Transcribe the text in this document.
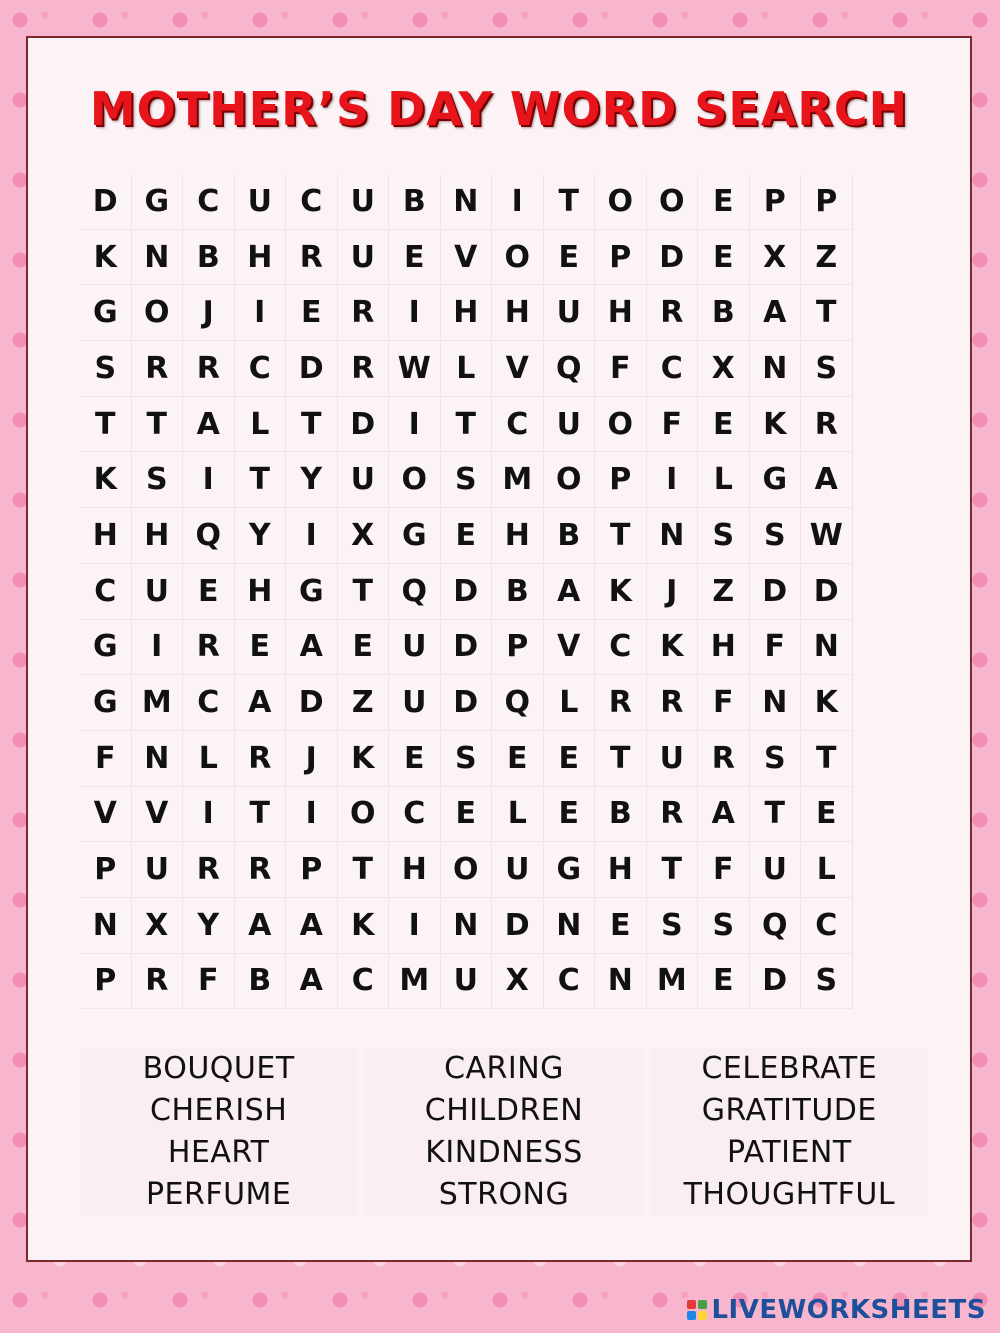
MOTHER’S DAY WORD SEARCH
D G C U C U B N	I	T O O E	P P
K N B H R U E V O E	P D E X Z
G O	J	I	E R	I	H H U H R B A T
S R R C D R W L	V Q F	C X N S
T	T A	L	T D	I	T	C U O F	E K R
K S	I	T	Y U O S M O P	I	L G A
H H Q Y	I	X G E H B T N S S W
C U E H G T Q D B A K	J	Z D D
G	I	R E A E U D P V C K H F N
G M C A D Z U D Q L	R R F N K
F N L	R	J	K E	S	E	E	T U R S	T
V V	I	T	I	O C	E	L	E B R A T	E
P U R R P	T H O U G H T	F U L
N X Y A A K	I	N D N E	S S Q C
P R F B A C M U X C N M E D S
BOUQUET
CHERISH
HEART
PERFUME
CARING
CHILDREN
KINDNESS
STRONG
CELEBRATE
GRATITUDE
PATIENT
THOUGHTFUL
LIVEWORKSHEETS
